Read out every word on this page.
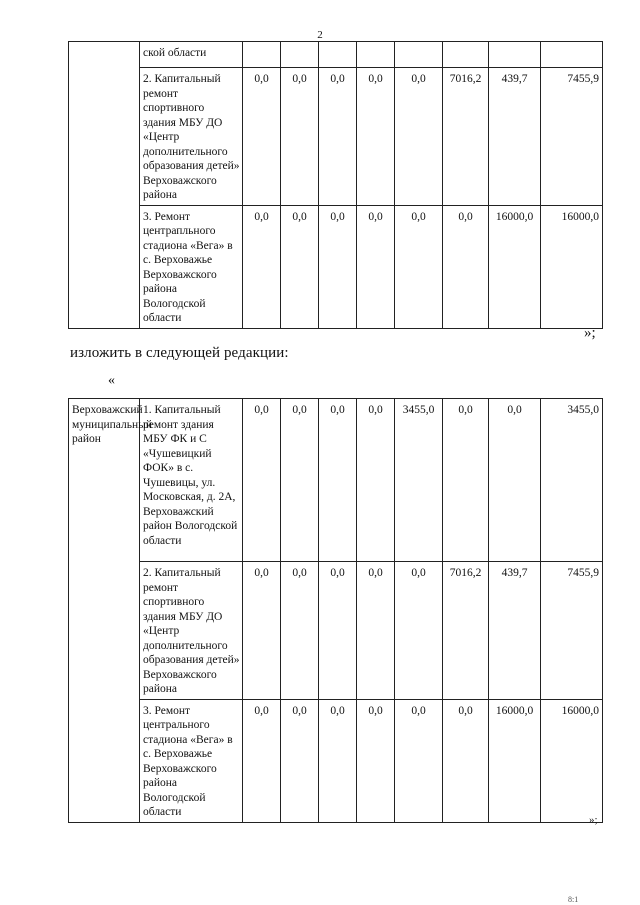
2
	ской области								
	2. Капитальный ремонт спортивного здания МБУ ДО «Центр дополнительного образования детей» Верховажского района	0,0	0,0	0,0	0,0	0,0	7016,2	439,7	7455,9
	3. Ремонт центрапльного стадиона «Вега» в с. Верховажье Верховажского района Вологодской области	0,0	0,0	0,0	0,0	0,0	0,0	16000,0	16000,0
»;
изложить в следующей редакции:
«
Верховажский муниципальный район	1. Капитальный ремонт здания МБУ ФК и С «Чушевицкий ФОК» в с. Чушевицы, ул. Московская, д. 2А, Верховажский район Вологодской области	0,0	0,0	0,0	0,0	3455,0	0,0	0,0	3455,0
	2. Капитальный ремонт спортивного здания МБУ ДО «Центр дополнительного образования детей» Верховажского района	0,0	0,0	0,0	0,0	0,0	7016,2	439,7	7455,9
	3. Ремонт центрального стадиона «Вега» в с. Верховажье Верховажского района Вологодской области	0,0	0,0	0,0	0,0	0,0	0,0	16000,0	16000,0
»;
8:1
